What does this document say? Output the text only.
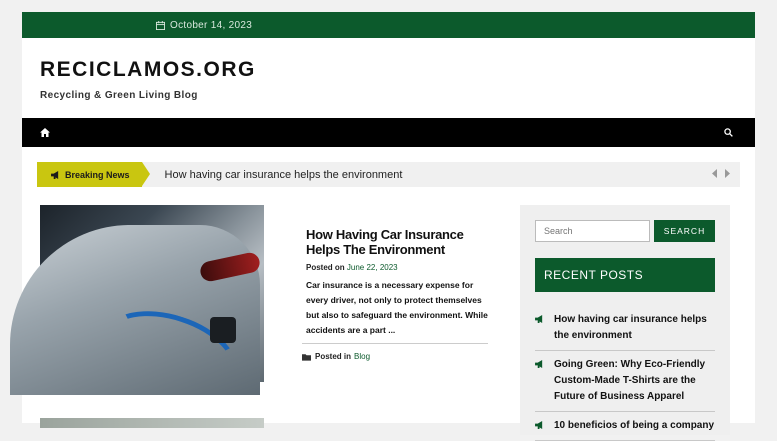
October 14, 2023
RECICLAMOS.ORG
Recycling & Green Living Blog
Breaking News	How having car insurance helps the environment
How Having Car Insurance Helps The Environment
Posted on June 22, 2023
Car insurance is a necessary expense for every driver, not only to protect themselves but also to safeguard the environment. While accidents are a part ...
Posted in Blog
Search
SEARCH
RECENT POSTS
How having car insurance helps the environment
Going Green: Why Eco-Friendly Custom-Made T-Shirts are the Future of Business Apparel
10 beneficios of being a company
